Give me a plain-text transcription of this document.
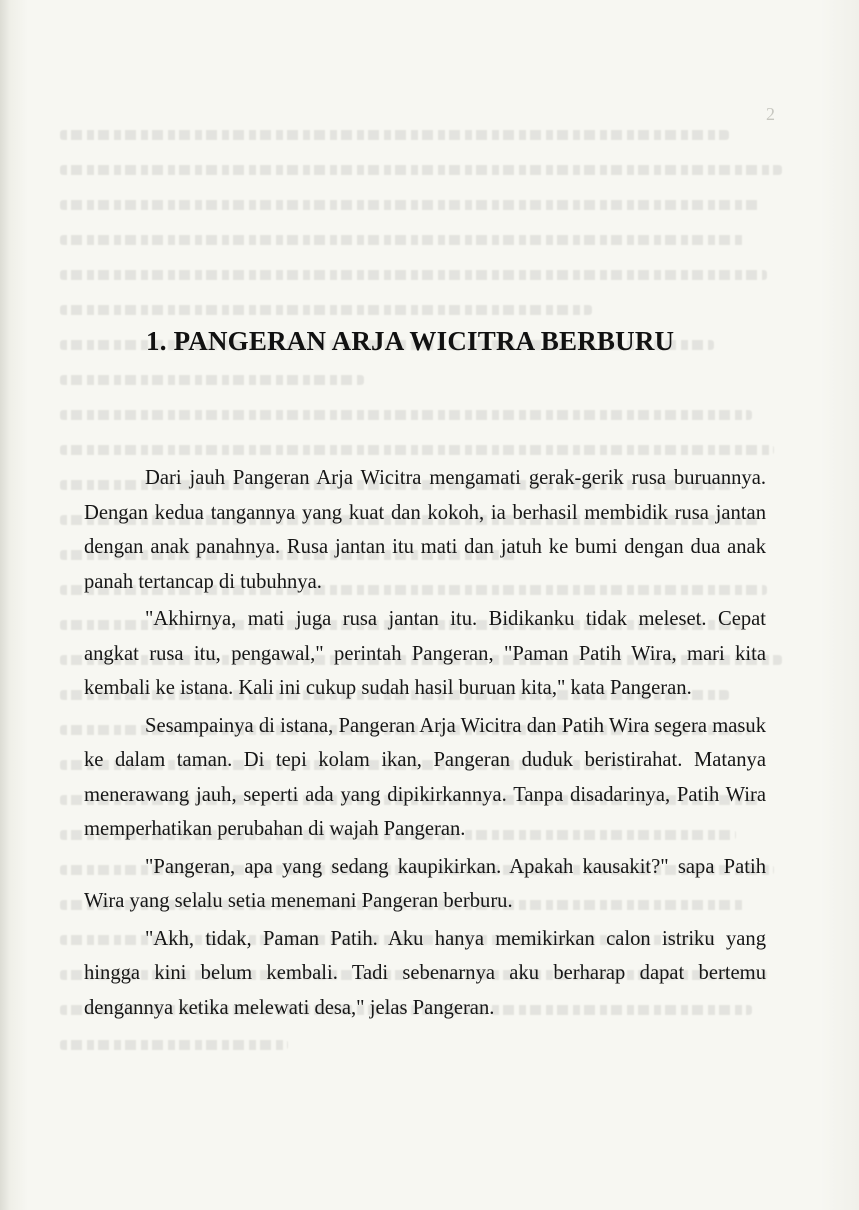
2
1. PANGERAN ARJA WICITRA BERBURU

Dari jauh Pangeran Arja Wicitra mengamati gerak-gerik rusa buruannya. Dengan kedua tangannya yang kuat dan kokoh, ia berhasil membidik rusa jantan dengan anak panahnya. Rusa jantan itu mati dan jatuh ke bumi dengan dua anak panah tertancap di tubuhnya.

"Akhirnya, mati juga rusa jantan itu. Bidikanku tidak meleset. Cepat angkat rusa itu, pengawal," perintah Pangeran, "Paman Patih Wira, mari kita kembali ke istana. Kali ini cukup sudah hasil buruan kita," kata Pangeran.

Sesampainya di istana, Pangeran Arja Wicitra dan Patih Wira segera masuk ke dalam taman. Di tepi kolam ikan, Pangeran duduk beristirahat. Matanya menerawang jauh, seperti ada yang dipikirkannya. Tanpa disadarinya, Patih Wira memperhatikan perubahan di wajah Pangeran.

"Pangeran, apa yang sedang kaupikirkan. Apakah kausakit?" sapa Patih Wira yang selalu setia menemani Pangeran berburu.

"Akh, tidak, Paman Patih. Aku hanya memikirkan calon istriku yang hingga kini belum kembali. Tadi sebenarnya aku berharap dapat bertemu dengannya ketika melewati desa," jelas Pangeran.
